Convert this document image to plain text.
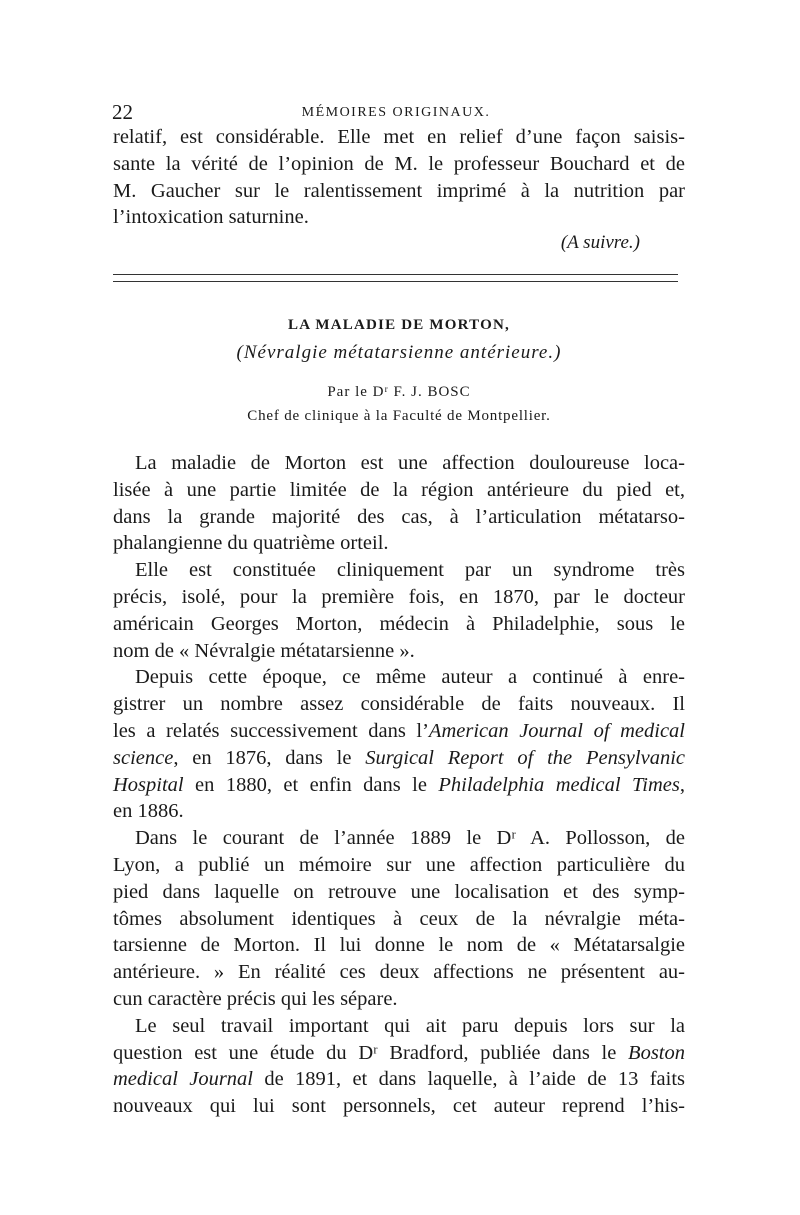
22	MÉMOIRES ORIGINAUX.
relatif, est considérable. Elle met en relief d’une façon saisis-
sante la vérité de l’opinion de M. le professeur Bouchard et de
M. Gaucher sur le ralentissement imprimé à la nutrition par
l’intoxication saturnine.
(A suivre.)
LA MALADIE DE MORTON,
(Névralgie métatarsienne antérieure.)
Par le Dʳ F. J. BOSC
Chef de clinique à la Faculté de Montpellier.
La maladie de Morton est une affection douloureuse loca-
lisée à une partie limitée de la région antérieure du pied et,
dans la grande majorité des cas, à l’articulation métatarso-
phalangienne du quatrième orteil.
Elle est constituée cliniquement par un syndrome très
précis, isolé, pour la première fois, en 1870, par le docteur
américain Georges Morton, médecin à Philadelphie, sous le
nom de « Névralgie métatarsienne ».
Depuis cette époque, ce même auteur a continué à enre-
gistrer un nombre assez considérable de faits nouveaux. Il
les a relatés successivement dans l’American Journal of medical
science, en 1876, dans le Surgical Report of the Pensylvanic
Hospital en 1880, et enfin dans le Philadelphia medical Times,
en 1886.
Dans le courant de l’année 1889 le Dʳ A. Pollosson, de
Lyon, a publié un mémoire sur une affection particulière du
pied dans laquelle on retrouve une localisation et des symp-
tômes absolument identiques à ceux de la névralgie méta-
tarsienne de Morton. Il lui donne le nom de « Métatarsalgie
antérieure. » En réalité ces deux affections ne présentent au-
cun caractère précis qui les sépare.
Le seul travail important qui ait paru depuis lors sur la
question est une étude du Dʳ Bradford, publiée dans le Boston
medical Journal de 1891, et dans laquelle, à l’aide de 13 faits
nouveaux qui lui sont personnels, cet auteur reprend l’his-
